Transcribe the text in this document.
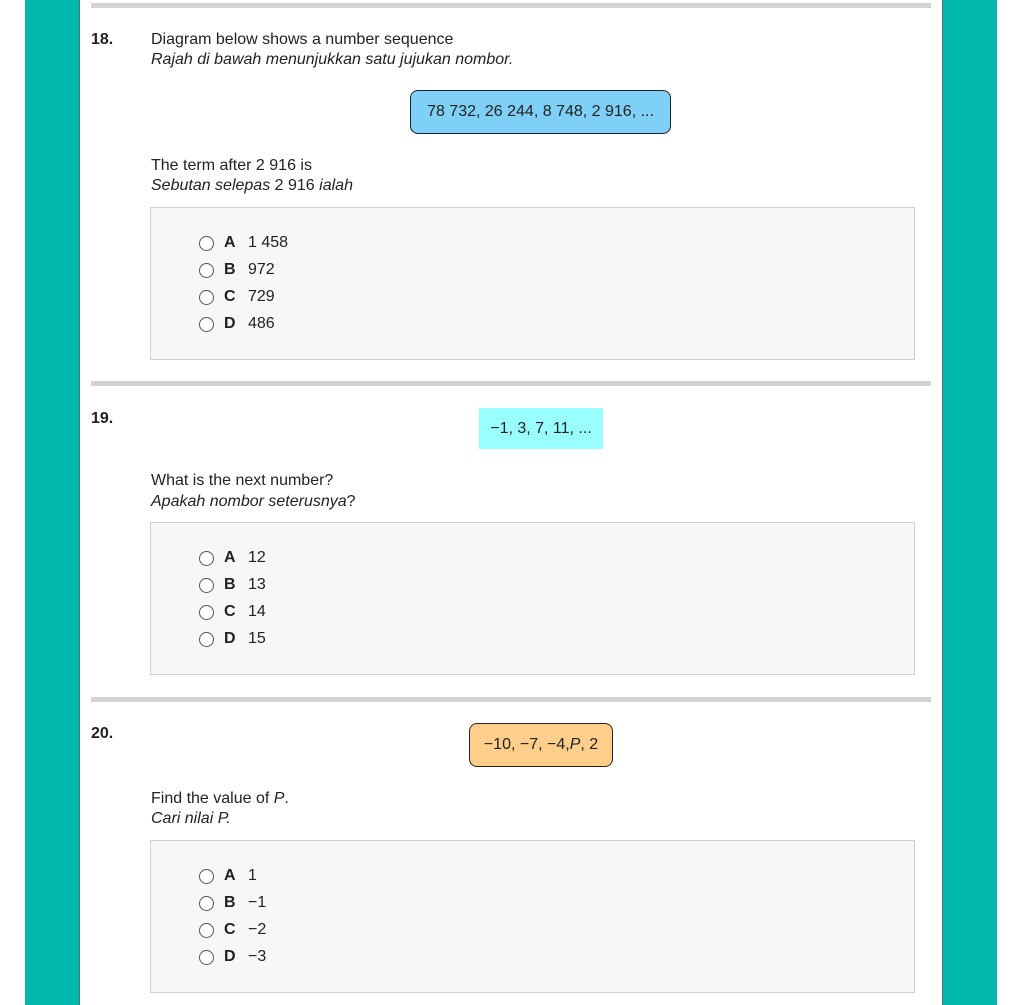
18. Diagram below shows a number sequence
Rajah di bawah menunjukkan satu jujukan nombor.
78 732, 26 244, 8 748, 2 916, ...
The term after 2 916 is
Sebutan selepas 2 916 ialah
A 1 458
B 972
C 729
D 486
19.
−1, 3, 7, 11, ...
What is the next number?
Apakah nombor seterusnya?
A 12
B 13
C 14
D 15
20.
−10, −7, −4, P , 2
Find the value of P.
Cari nilai P.
A 1
B −1
C −2
D −3
